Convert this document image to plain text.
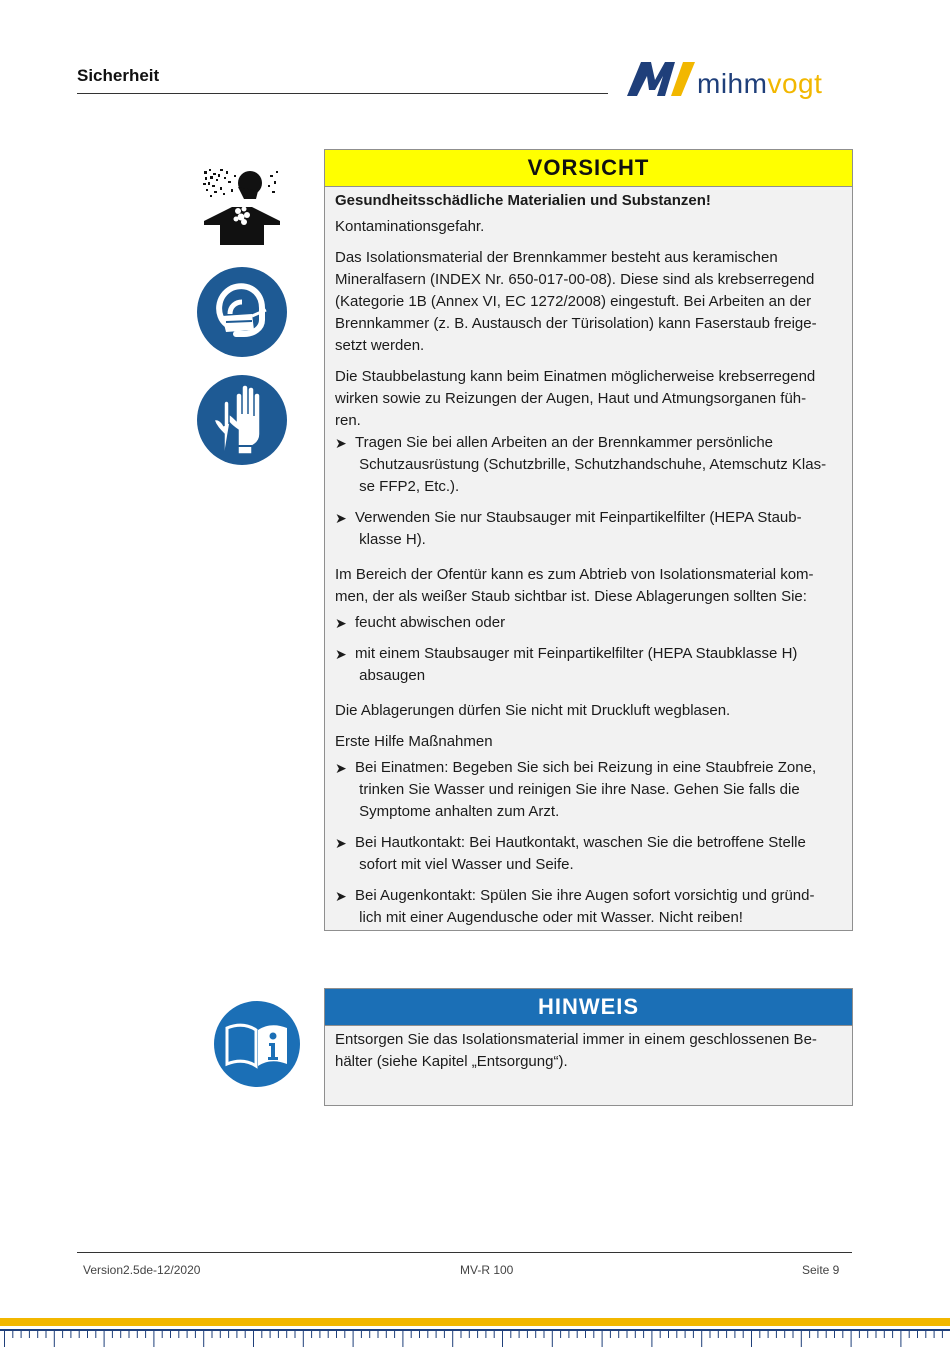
Sicherheit	mihmvogt
VORSICHT

Gesundheitsschädliche Materialien und Substanzen!

Kontaminationsgefahr.

Das Isolationsmaterial der Brennkammer besteht aus keramischen
Mineralfasern (INDEX Nr. 650-017-00-08). Diese sind als krebserregend
(Kategorie 1B (Annex VI, EC 1272/2008) eingestuft. Bei Arbeiten an der
Brennkammer (z. B. Austausch der Türisolation) kann Faserstaub freige-
setzt werden.

Die Staubbelastung kann beim Einatmen möglicherweise krebserregend
wirken sowie zu Reizungen der Augen, Haut und Atmungsorganen füh-
ren.

➤ Tragen Sie bei allen Arbeiten an der Brennkammer persönliche
Schutzausrüstung (Schutzbrille, Schutzhandschuhe, Atemschutz Klas-
se FFP2, Etc.).
➤ Verwenden Sie nur Staubsauger mit Feinpartikelfilter (HEPA Staub-
klasse H).

Im Bereich der Ofentür kann es zum Abtrieb von Isolationsmaterial kom-
men, der als weißer Staub sichtbar ist. Diese Ablagerungen sollten Sie:

➤ feucht abwischen oder
➤ mit einem Staubsauger mit Feinpartikelfilter (HEPA Staubklasse H)
absaugen

Die Ablagerungen dürfen Sie nicht mit Druckluft wegblasen.

Erste Hilfe Maßnahmen

➤ Bei Einatmen: Begeben Sie sich bei Reizung in eine Staubfreie Zone,
trinken Sie Wasser und reinigen Sie ihre Nase. Gehen Sie falls die
Symptome anhalten zum Arzt.
➤ Bei Hautkontakt: Bei Hautkontakt, waschen Sie die betroffene Stelle
sofort mit viel Wasser und Seife.
➤ Bei Augenkontakt: Spülen Sie ihre Augen sofort vorsichtig und gründ-
lich mit einer Augendusche oder mit Wasser. Nicht reiben!
HINWEIS

Entsorgen Sie das Isolationsmaterial immer in einem geschlossenen Be-
hälter (siehe Kapitel „Entsorgung“).

Version2.5de-12/2020	MV-R 100	Seite 9
